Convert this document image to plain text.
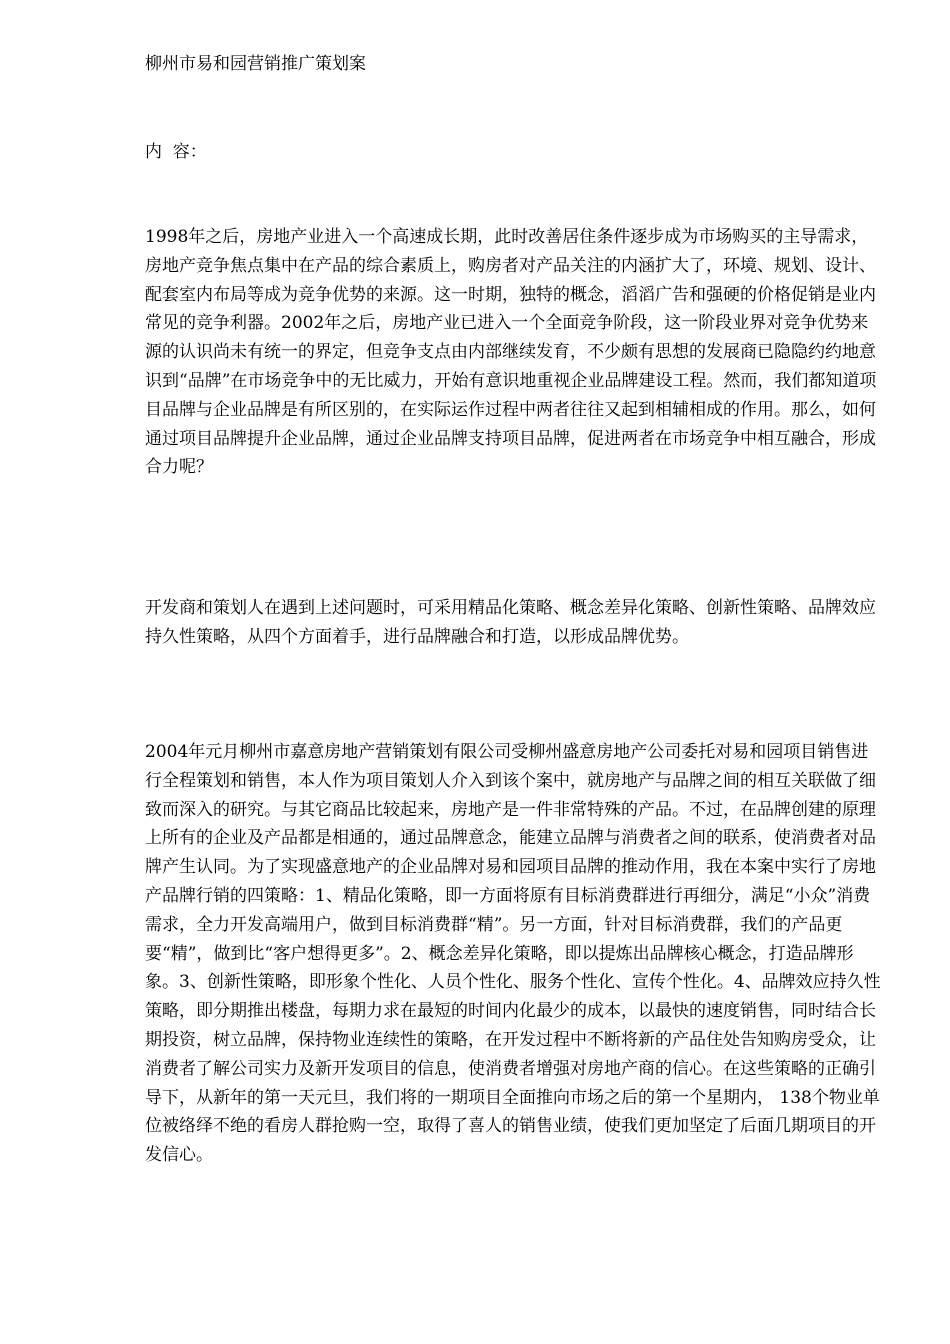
柳州市易和园营销推广策划案

内  容：

1998年之后，房地产业进入一个高速成长期，此时改善居住条件逐步成为市场购买的主导需求，房地产竞争焦点集中在产品的综合素质上，购房者对产品关注的内涵扩大了，环境、规划、设计、配套室内布局等成为竞争优势的来源。这一时期，独特的概念，滔滔广告和强硬的价格促销是业内常见的竞争利器。2002年之后，房地产业已进入一个全面竞争阶段，这一阶段业界对竞争优势来源的认识尚未有统一的界定，但竞争支点由内部继续发育，不少颇有思想的发展商已隐隐约约地意识到“品牌”在市场竞争中的无比威力，开始有意识地重视企业品牌建设工程。然而，我们都知道项目品牌与企业品牌是有所区别的，在实际运作过程中两者往往又起到相辅相成的作用。那么，如何通过项目品牌提升企业品牌，通过企业品牌支持项目品牌，促进两者在市场竞争中相互融合，形成合力呢？

开发商和策划人在遇到上述问题时，可采用精品化策略、概念差异化策略、创新性策略、品牌效应持久性策略，从四个方面着手，进行品牌融合和打造，以形成品牌优势。

2004年元月柳州市嘉意房地产营销策划有限公司受柳州盛意房地产公司委托对易和园项目销售进行全程策划和销售，本人作为项目策划人介入到该个案中，就房地产与品牌之间的相互关联做了细致而深入的研究。与其它商品比较起来，房地产是一件非常特殊的产品。不过，在品牌创建的原理上所有的企业及产品都是相通的，通过品牌意念，能建立品牌与消费者之间的联系，使消费者对品牌产生认同。为了实现盛意地产的企业品牌对易和园项目品牌的推动作用，我在本案中实行了房地产品牌行销的四策略：1、精品化策略，即一方面将原有目标消费群进行再细分，满足“小众”消费需求，全力开发高端用户，做到目标消费群“精”。另一方面，针对目标消费群，我们的产品更要“精”，做到比“客户想得更多”。2、概念差异化策略，即以提炼出品牌核心概念，打造品牌形象。3、创新性策略，即形象个性化、人员个性化、服务个性化、宣传个性化。4、品牌效应持久性策略，即分期推出楼盘，每期力求在最短的时间内化最少的成本，以最快的速度销售，同时结合长期投资，树立品牌，保持物业连续性的策略，在开发过程中不断将新的产品住处告知购房受众，让消费者了解公司实力及新开发项目的信息，使消费者增强对房地产商的信心。在这些策略的正确引导下，从新年的第一天元旦，我们将的一期项目全面推向市场之后的第一个星期内， 138个物业单位被络绎不绝的看房人群抢购一空，取得了喜人的销售业绩，使我们更加坚定了后面几期项目的开发信心。
